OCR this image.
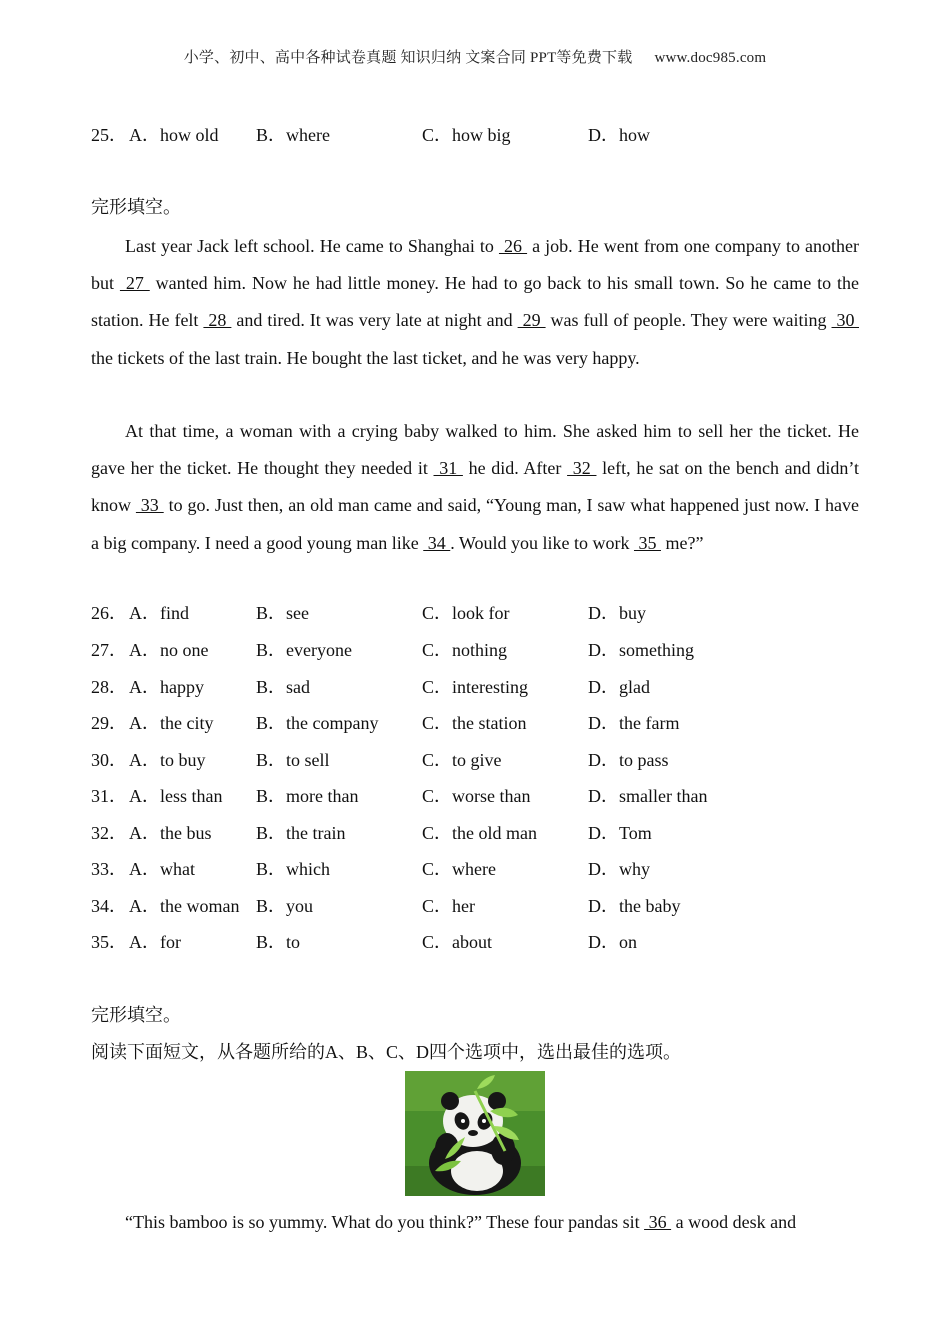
小学、初中、高中各种试卷真题 知识归纳 文案合同 PPT等免费下载 www.doc985.com
25． A．how old B．where	C．how big	D．how
完形填空。
Last year Jack left school. He came to Shanghai to  26  a job. He went from one company to another but  27  wanted him. Now he had little money. He had to go back to his small town. So he came to the station. He felt  28  and tired. It was very late at night and  29  was full of people. They were waiting  30  the tickets of the last train. He bought the last ticket, and he was very happy.
At that time, a woman with a crying baby walked to him. She asked him to sell her the ticket. He gave her the ticket. He thought they needed it  31  he did. After  32  left, he sat on the bench and didn’t know  33  to go. Just then, an old man came and said, “Young man, I saw what happened just now. I have a big company. I need a good young man like  34 . Would you like to work  35  me?”
26． A．find	B．see	C．look for	D．buy
27． A．no one	B．everyone	C．nothing	D．something
28． A．happy	B．sad	C．interesting	D．glad
29． A．the city B．the company C．the station	D．the farm
30． A．to buy	B．to sell	C．to give	D．to pass
31． A．less than B．more than	C．worse than	D．smaller than
32． A．the bus B．the train	C．the old man	D．Tom
33． A．what	B．which	C．where	D．why
34． A．the woman B．you	C．her	D．the baby
35． A．for	B．to	C．about	D．on
完形填空。
阅读下面短文，从各题所给的A、B、C、D四个选项中，选出最佳的选项。
“This bamboo is so yummy. What do you think?” These four pandas sit  36  a wood desk and
